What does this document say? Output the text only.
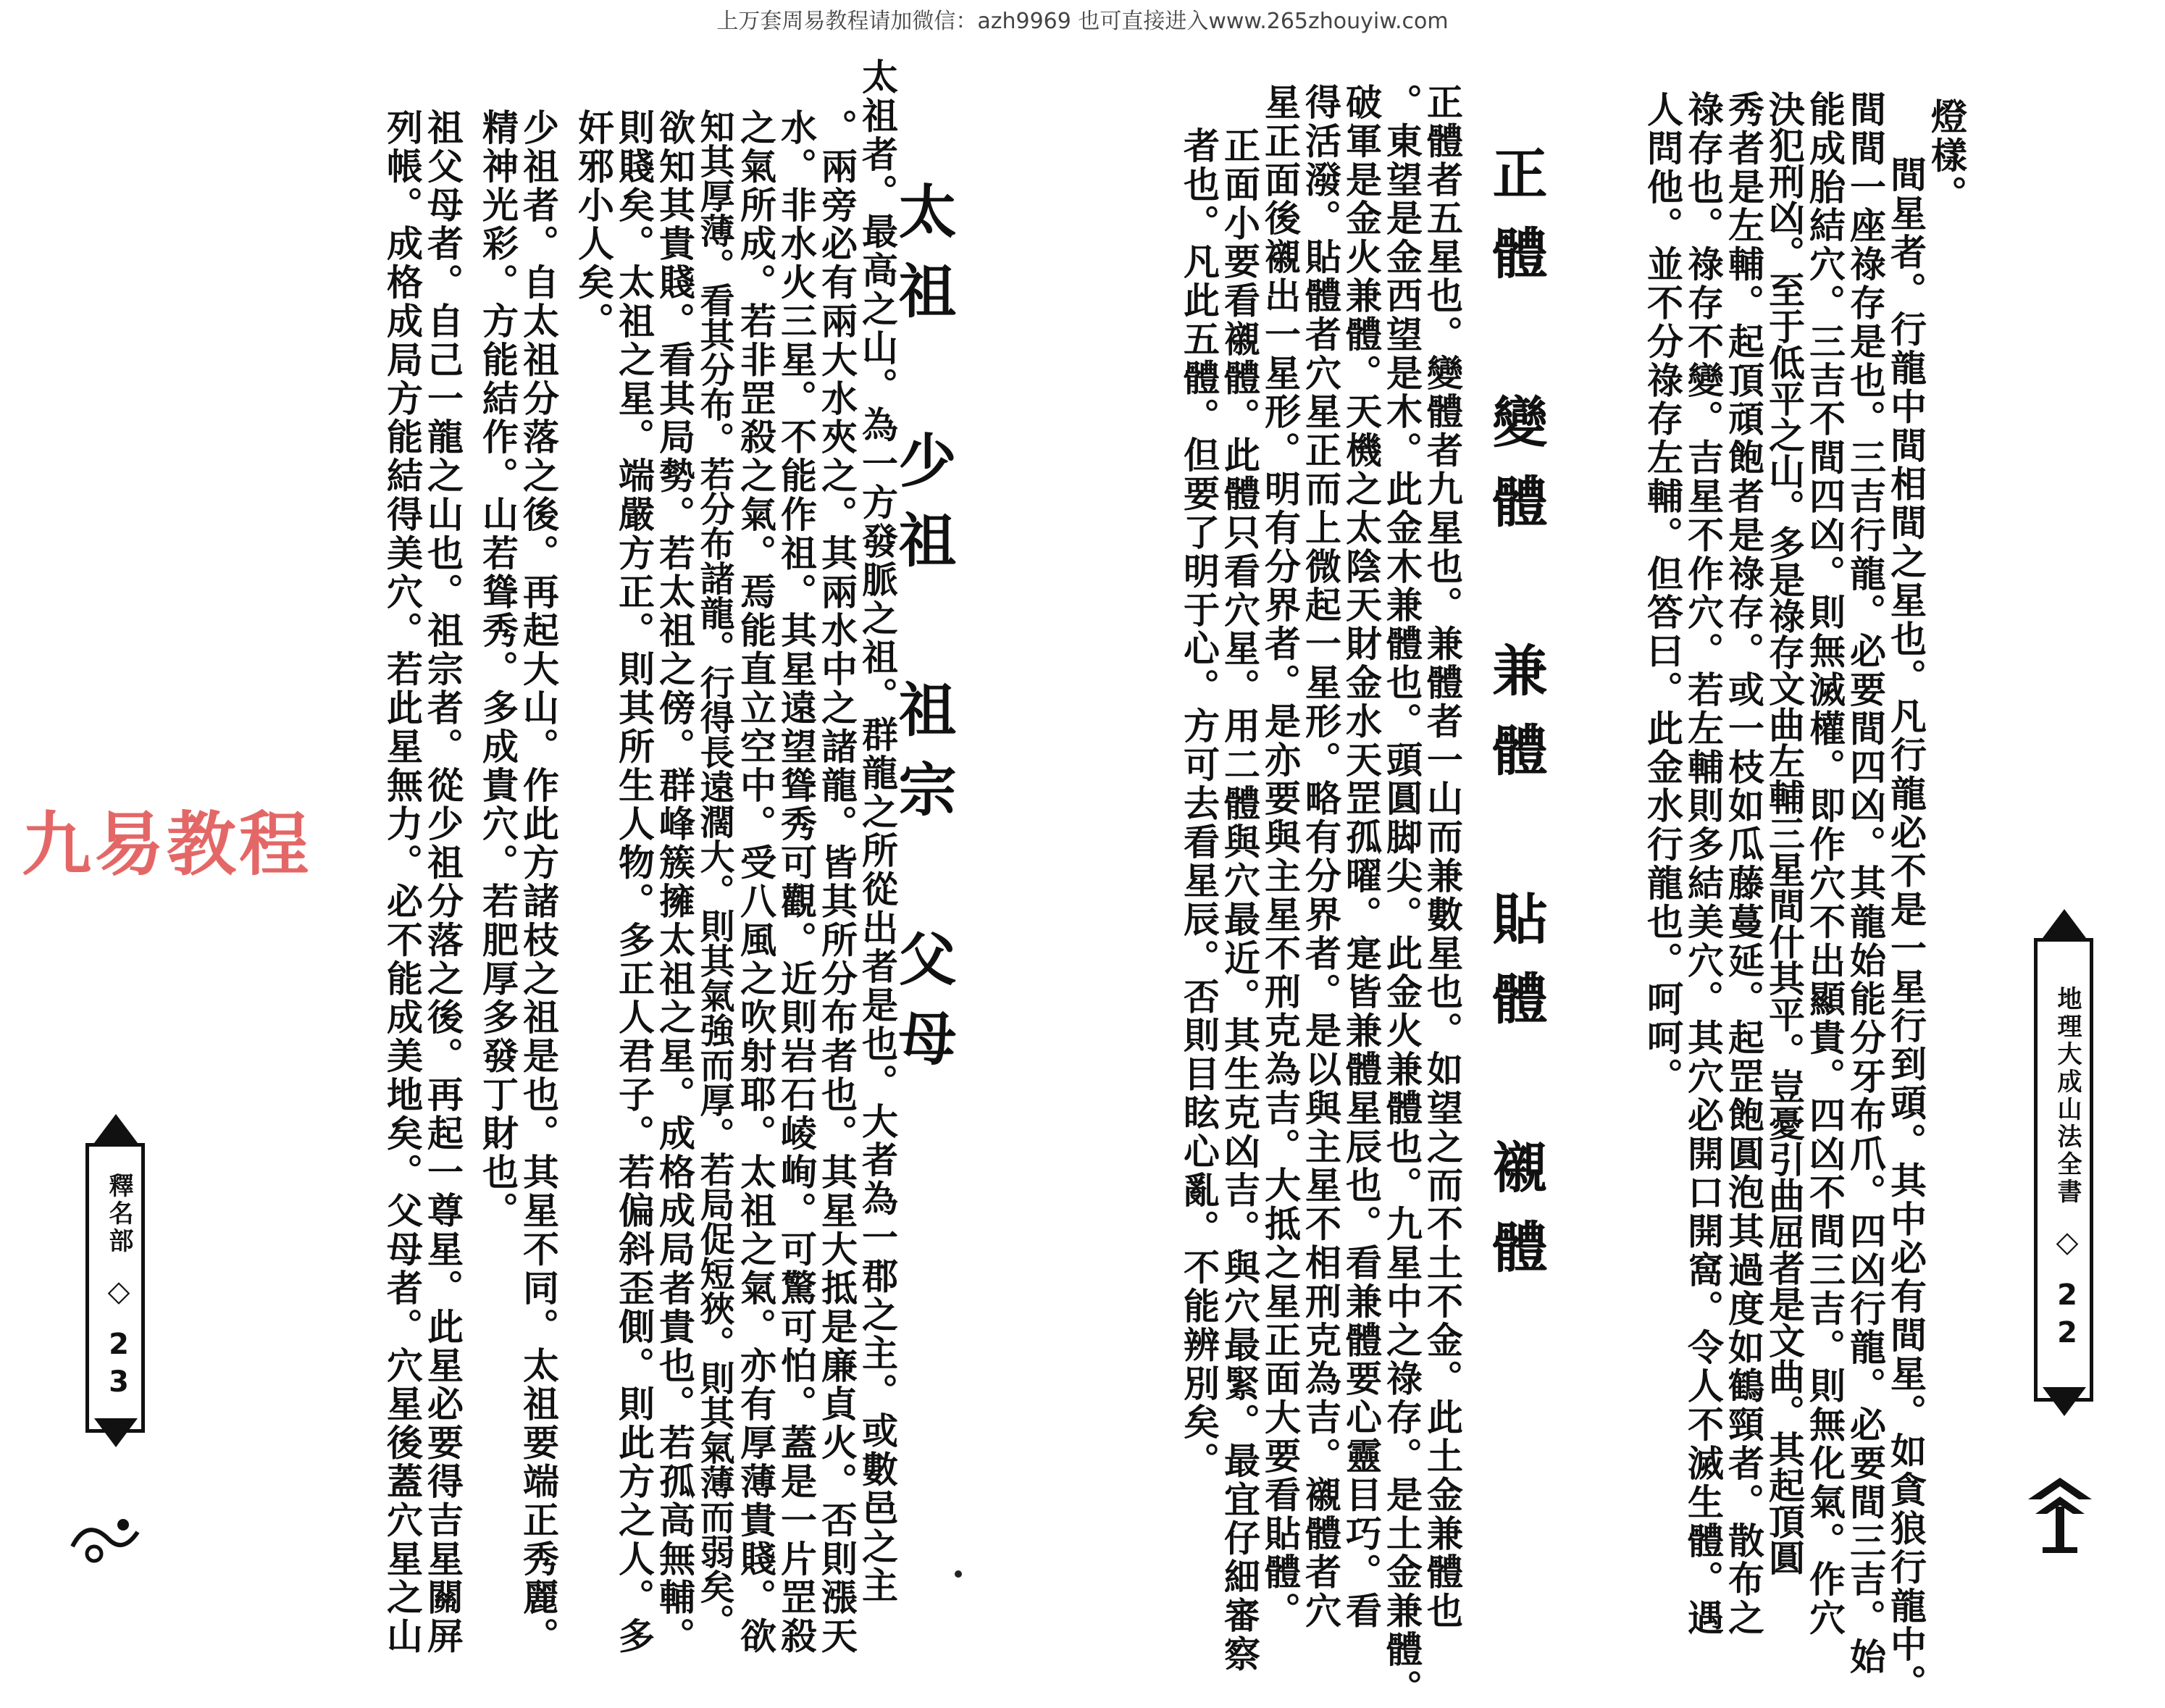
上万套周易教程请加微信：azh9969 也可直接进入www.265zhouyiw.com
太祖者。最高之山。為一方發脈之祖。群龍之所從出者是也。大者為一郡之主。或數邑之主
。兩旁必有兩大水夾之。其兩水中之諸龍。皆其所分布者也。其星大抵是廉貞火。否則漲天
水。非水火三星。不能作祖。其星遠望聳秀可觀。近則岩石崚峋。可驚可怕。蓋是一片罡殺
之氣所成。若非罡殺之氣。焉能直立空中。受八風之吹射耶。太祖之氣。亦有厚薄貴賤。欲
知其厚薄。看其分布。若分布諸龍。行得長遠濶大。則其氣強而厚。若局促短狹。則其氣薄而弱矣。
欲知其貴賤。看其局勢。若太祖之傍。群峰簇擁太祖之星。成格成局者貴也。若孤高無輔。
則賤矣。太祖之星。端嚴方正。則其所生人物。多正人君子。若偏斜歪側。則此方之人。多
奸邪小人矣。
少祖者。自太祖分落之後。再起大山。作此方諸枝之祖是也。其星不同。太祖要端正秀麗。
精神光彩。方能結作。山若聳秀。多成貴穴。若肥厚多發丁財也。
祖父母者。自己一龍之山也。祖宗者。從少祖分落之後。再起一尊星。此星必要得吉星關屏
列帳。成格成局方能結得美穴。若此星無力。必不能成美地矣。父母者。穴星後蓋穴星之山	太祖 少祖 祖宗 父母
釋名部 ◇ 23
九易教程
燈樣。
間星者。行龍中間相間之星也。凡行龍必不是一星行到頭。其中必有間星。如貪狼行龍中。
間間一座祿存是也。三吉行龍。必要間四凶。其龍始能分牙布爪。四凶行龍。必要間三吉。始
能成胎結穴。三吉不間四凶。則無滅權。即作穴不出顯貴。四凶不間三吉。則無化氣。作穴
決犯刑凶。至于低平之山。多是祿存文曲左輔三星間什其平。豈憂引曲屈者是文曲。其起頂圓
秀者是左輔。起頂頑飽者是祿存。或一枝如瓜藤蔓延。起罡飽圓泡其過度如鶴頸者。散布之
祿存也。祿存不變。吉星不作穴。若左輔則多結美穴。其穴必開口開窩。令人不滅生體。遇
人問他。並不分祿存左輔。但答曰。此金水行龍也。呵呵。
正體 變體 兼體 貼體 襯體
正體者五星也。變體者九星也。兼體者一山而兼數星也。如望之而不土不金。此土金兼體也
。東望是金西望是木。此金木兼體也。頭圓脚尖。此金火兼體也。九星中之祿存。是土金兼體。
破軍是金火兼體。天機之太陰天財金水天罡孤曜。寔皆兼體星辰也。看兼體要心靈目巧。看
得活潑。貼體者穴星正而上微起一星形。略有分界者。是以與主星不相刑克為吉。襯體者穴
星正面後襯出一星形。明有分界者。是亦要與主星不刑克為吉。大抵之星正面大要看貼體。
正面小要看襯體。此體只看穴星。用二體與穴最近。其生克凶吉。與穴最緊。最宜仔細審察
者也。凡此五體。但要了明于心。方可去看星辰。否則目眩心亂。不能辨別矣。	地理大成山法全書 ◇ 22
